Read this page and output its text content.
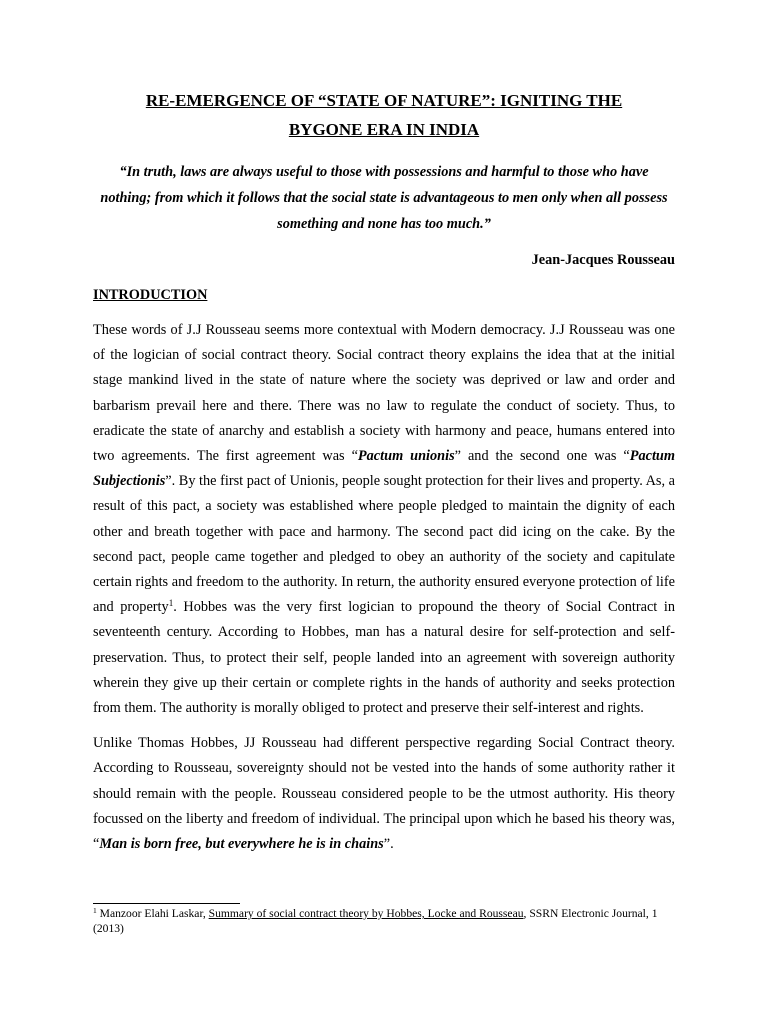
RE-EMERGENCE OF “STATE OF NATURE”: IGNITING THE
BYGONE ERA IN INDIA

“In truth, laws are always useful to those with possessions and harmful to those who have nothing; from which it follows that the social state is advantageous to men only when all possess something and none has too much.”

Jean-Jacques Rousseau

INTRODUCTION

These words of J.J Rousseau seems more contextual with Modern democracy. J.J Rousseau was one of the logician of social contract theory. Social contract theory explains the idea that at the initial stage mankind lived in the state of nature where the society was deprived or law and order and barbarism prevail here and there. There was no law to regulate the conduct of society. Thus, to eradicate the state of anarchy and establish a society with harmony and peace, humans entered into two agreements. The first agreement was “Pactum unionis” and the second one was “Pactum Subjectionis”. By the first pact of Unionis, people sought protection for their lives and property. As, a result of this pact, a society was established where people pledged to maintain the dignity of each other and breath together with pace and harmony. The second pact did icing on the cake. By the second pact, people came together and pledged to obey an authority of the society and capitulate certain rights and freedom to the authority. In return, the authority ensured everyone protection of life and property$^1$. Hobbes was the very first logician to propound the theory of Social Contract in seventeenth century. According to Hobbes, man has a natural desire for self-protection and self-preservation. Thus, to protect their self, people landed into an agreement with sovereign authority wherein they give up their certain or complete rights in the hands of authority and seeks protection from them. The authority is morally obliged to protect and preserve their self-interest and rights.

Unlike Thomas Hobbes, JJ Rousseau had different perspective regarding Social Contract theory. According to Rousseau, sovereignty should not be vested into the hands of some authority rather it should remain with the people. Rousseau considered people to be the utmost authority. His theory focussed on the liberty and freedom of individual. The principal upon which he based his theory was, “Man is born free, but everywhere he is in chains”.

$^1$ Manzoor Elahi Laskar, Summary of social contract theory by Hobbes, Locke and Rousseau, SSRN Electronic Journal, 1 (2013)
